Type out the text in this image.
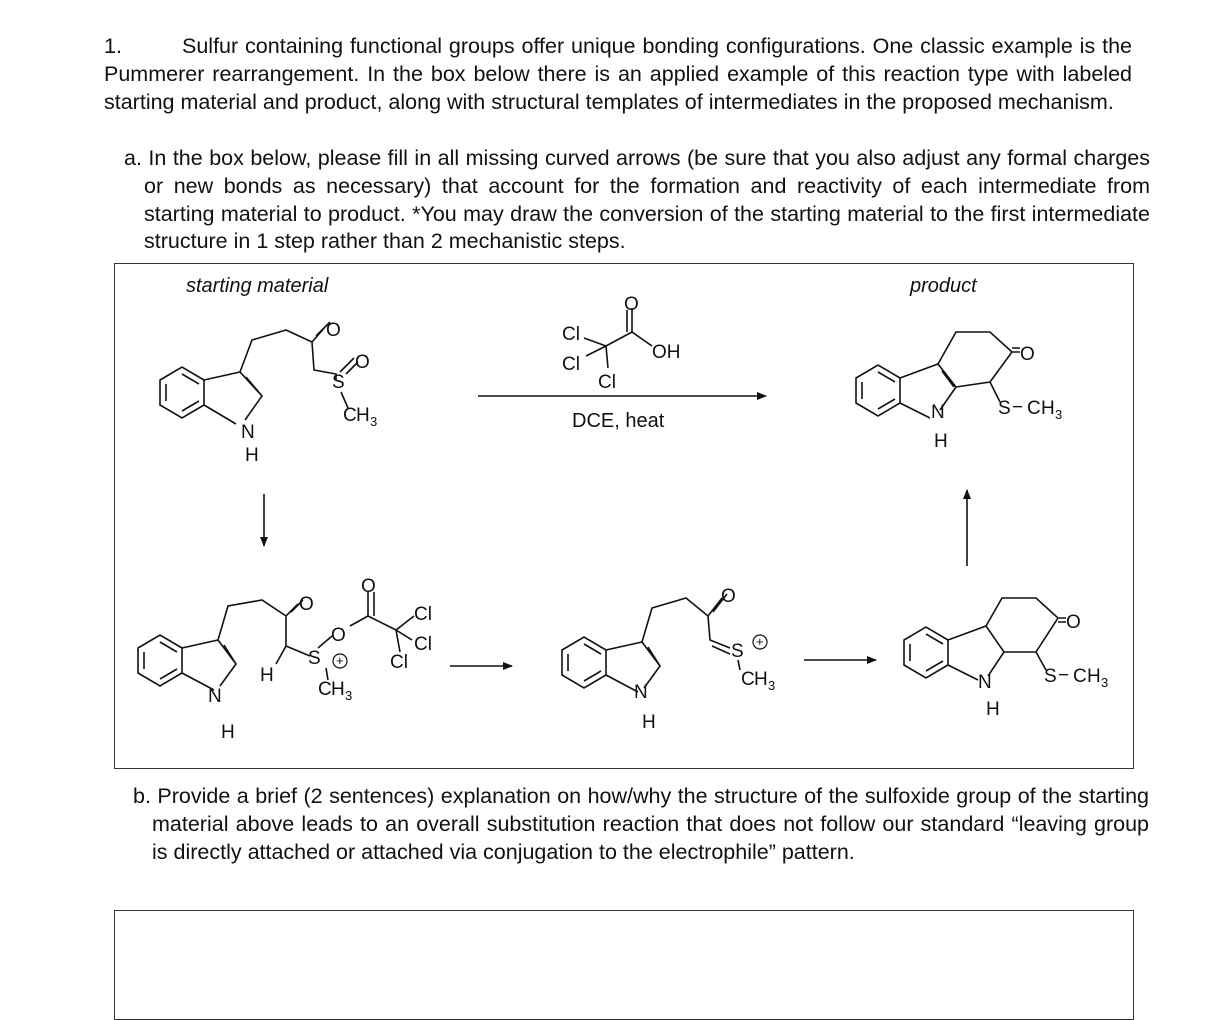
1.	Sulfur containing functional groups offer unique bonding configurations. One classic example is the Pummerer rearrangement. In the box below there is an applied example of this reaction type with labeled starting material and product, along with structural templates of intermediates in the proposed mechanism.
a. In the box below, please fill in all missing curved arrows (be sure that you also adjust any formal charges or new bonds as necessary) that account for the formation and reactivity of each intermediate from starting material to product. *You may draw the conversion of the starting material to the first intermediate structure in 1 step rather than 2 mechanistic steps.
starting material	product
N
H
O
S
O
C H 3
O
OH
Cl
Cl
Cl
DCE, heat
O
N
H
S − C H 3
O
H
S +
O
O
Cl
Cl
Cl
C H 3
N
H
O
S +
C H 3
N
H
O
N
H
S − C H 3
b. Provide a brief (2 sentences) explanation on how/why the structure of the sulfoxide group of the starting material above leads to an overall substitution reaction that does not follow our standard “leaving group is directly attached or attached via conjugation to the electrophile” pattern.
